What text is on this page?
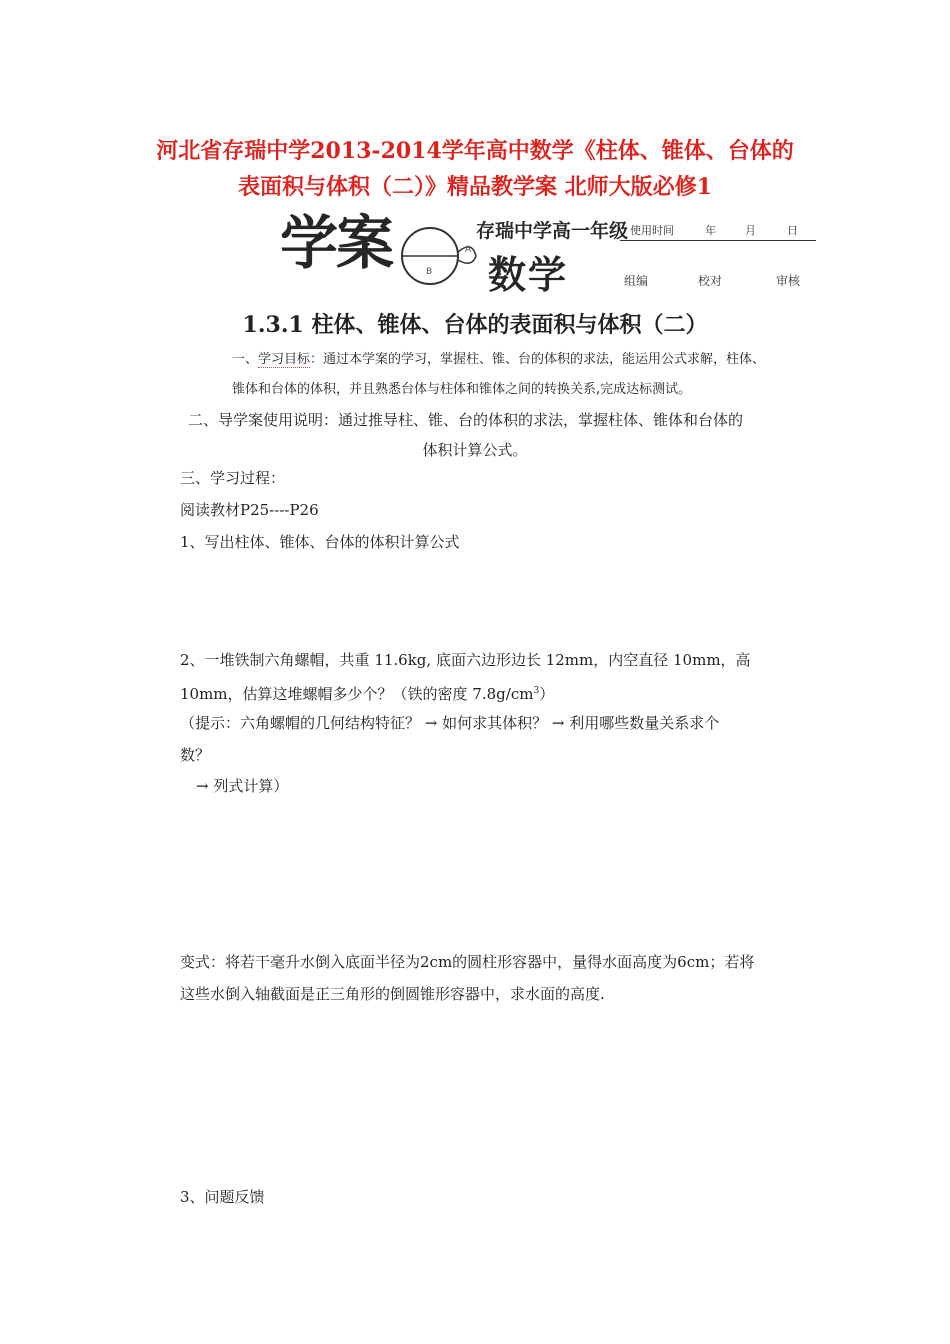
河北省存瑞中学2013-2014学年高中数学《柱体、锥体、台体的
表面积与体积（二）》精品教学案 北师大版必修1
学案	A
B
存瑞中学高一年级 使用时间	年	月	日
数学	组编	校对	审核
1.3.1 柱体、锥体、台体的表面积与体积（二）
一、学习目标：通过本学案的学习，掌握柱、锥、台的体积的求法，能运用公式求解，柱体、
锥体和台体的体积，并且熟悉台体与柱体和锥体之间的转换关系,完成达标测试。
二、导学案使用说明：通过推导柱、锥、台的体积的求法，掌握柱体、锥体和台体的
体积计算公式。
三、学习过程：
阅读教材P25----P26
1、写出柱体、锥体、台体的体积计算公式
2、一堆铁制六角螺帽，共重 11.6kg, 底面六边形边长 12mm，内空直径 10mm，高
10mm，估算这堆螺帽多少个？（铁的密度 $7.8g/cm^3$）
（提示：六角螺帽的几何结构特征？ → 如何求其体积？ → 利用哪些数量关系求个
数？
→ 列式计算）
变式：将若干毫升水倒入底面半径为2cm的圆柱形容器中，量得水面高度为6cm；若将
这些水倒入轴截面是正三角形的倒圆锥形容器中，求水面的高度.
3、问题反馈
